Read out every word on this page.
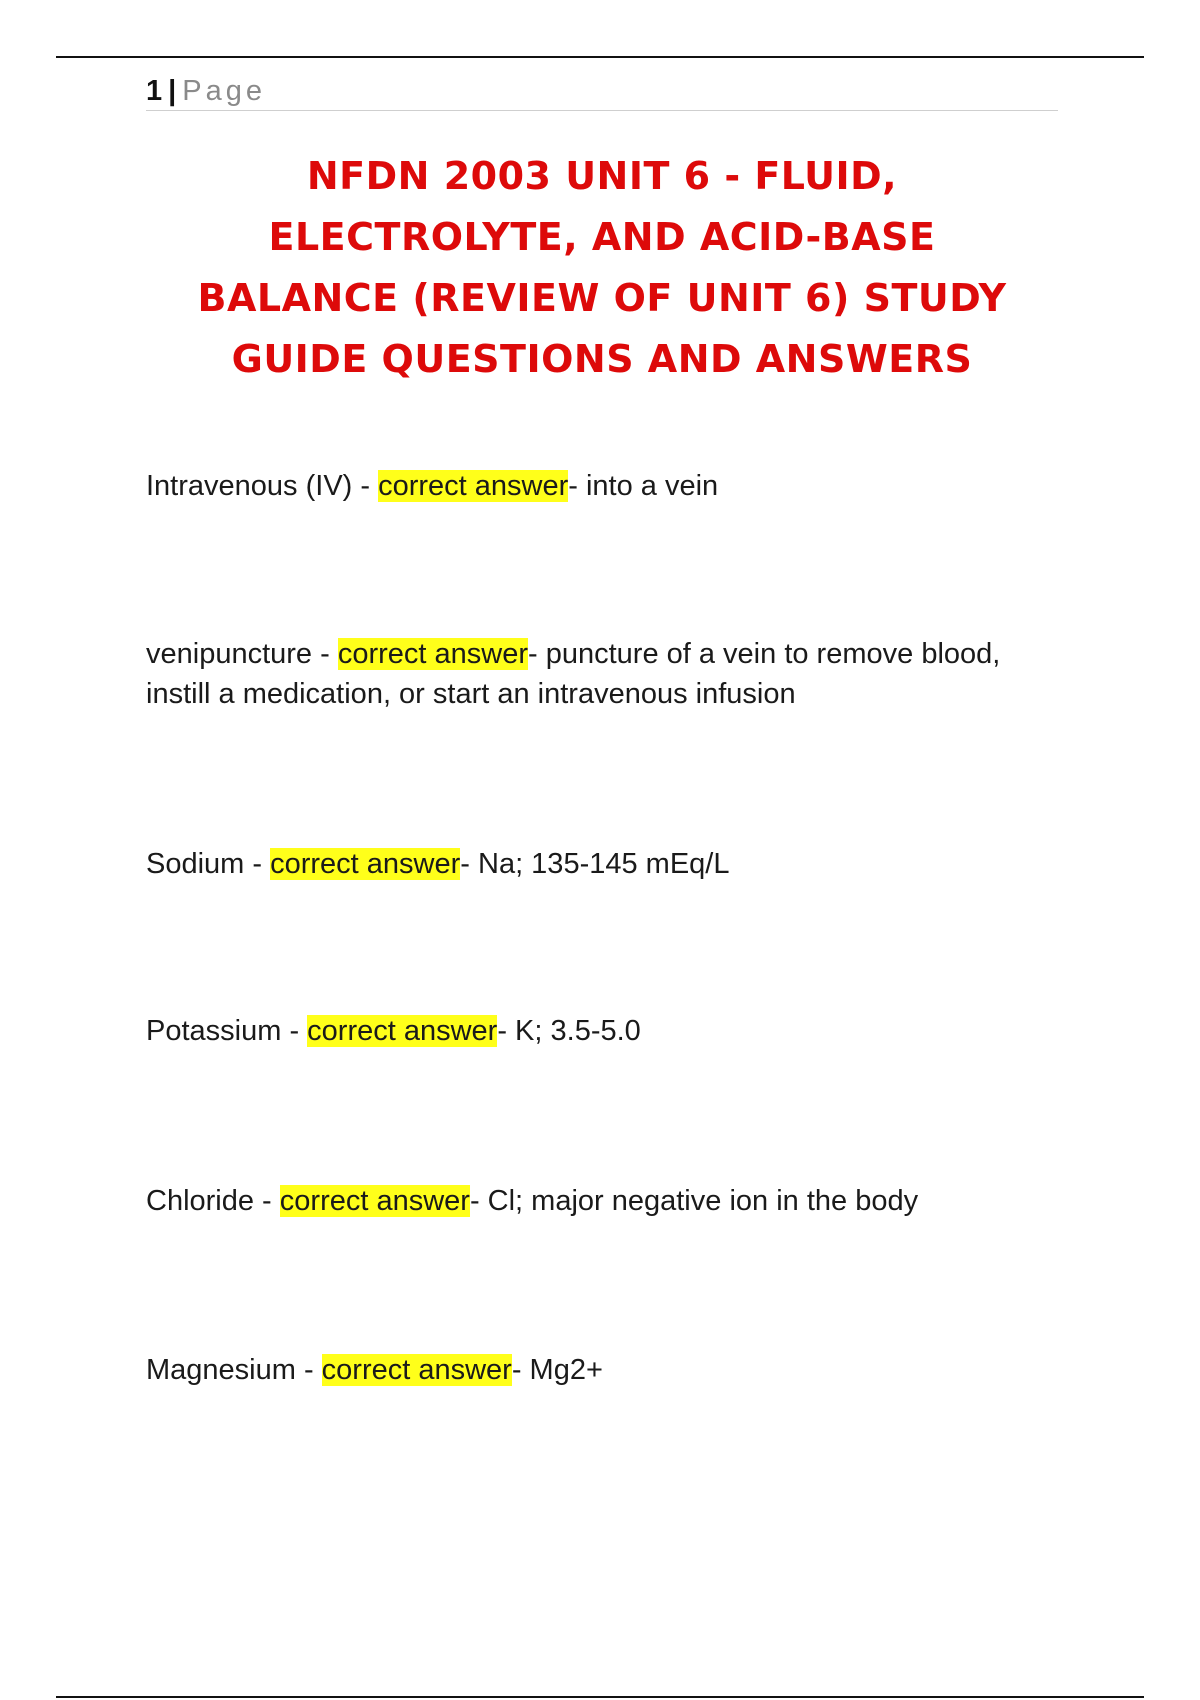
1 | Page
NFDN 2003 UNIT 6 - FLUID,
ELECTROLYTE, AND ACID-BASE
BALANCE (REVIEW OF UNIT 6) STUDY
GUIDE QUESTIONS AND ANSWERS

Intravenous (IV) - correct answer- into a vein

venipuncture - correct answer- puncture of a vein to remove blood, instill a medication, or start an intravenous infusion

Sodium - correct answer- Na; 135-145 mEq/L

Potassium - correct answer- K; 3.5-5.0

Chloride - correct answer- Cl; major negative ion in the body

Magnesium - correct answer- Mg2+
